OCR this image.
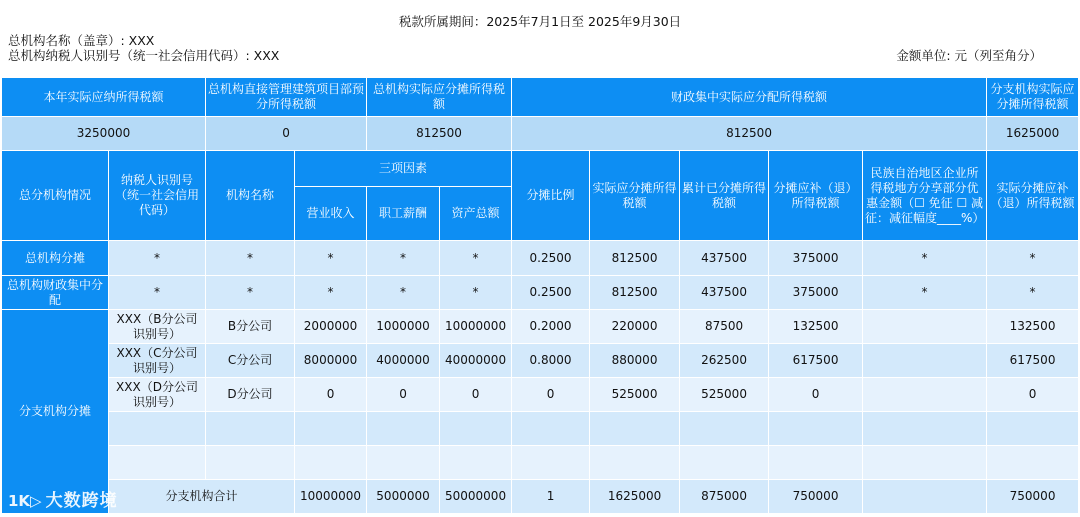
税款所属期间：2025年7月1日至 2025年9月30日
总机构名称（盖章）: XXX
总机构纳税人识别号（统一社会信用代码）: XXX	金额单位: 元（列至角分）
本年实际应纳所得税额		总机构直接管理建筑项目部预分所得税额		总机构实际应分摊所得税额		财政集中实际应分配所得税额					分支机构实际应分摊所得税额
3250000		0		812500		812500					1625000
总分机构情况	纳税人识别号（统一社会信用代码）	机构名称	三项因素			分摊比例	实际应分摊所得税额	累计已分摊所得税额	分摊应补（退）所得税额	民族自治地区企业所得税地方分享部分优惠金额（☐ 免征 ☐ 减征：减征幅度____%）	实际分摊应补（退）所得税额
			营业收入	职工薪酬	资产总额						
总机构分摊	*	*	*	*	*	0.2500	812500	437500	375000	*	*
总机构财政集中分配	*	*	*	*	*	0.2500	812500	437500	375000	*	*
分支机构分摊	XXX（B分公司识别号）	B分公司	2000000	1000000	10000000	0.2000	220000	87500	132500		132500
	XXX（C分公司识别号）	C分公司	8000000	4000000	40000000	0.8000	880000	262500	617500		617500
	XXX（D分公司识别号）	D分公司	0	0	0	0	525000	525000	0		0

	分支机构合计		10000000	5000000	50000000	1	1625000	875000	750000		750000
1K▷ 大数跨境
